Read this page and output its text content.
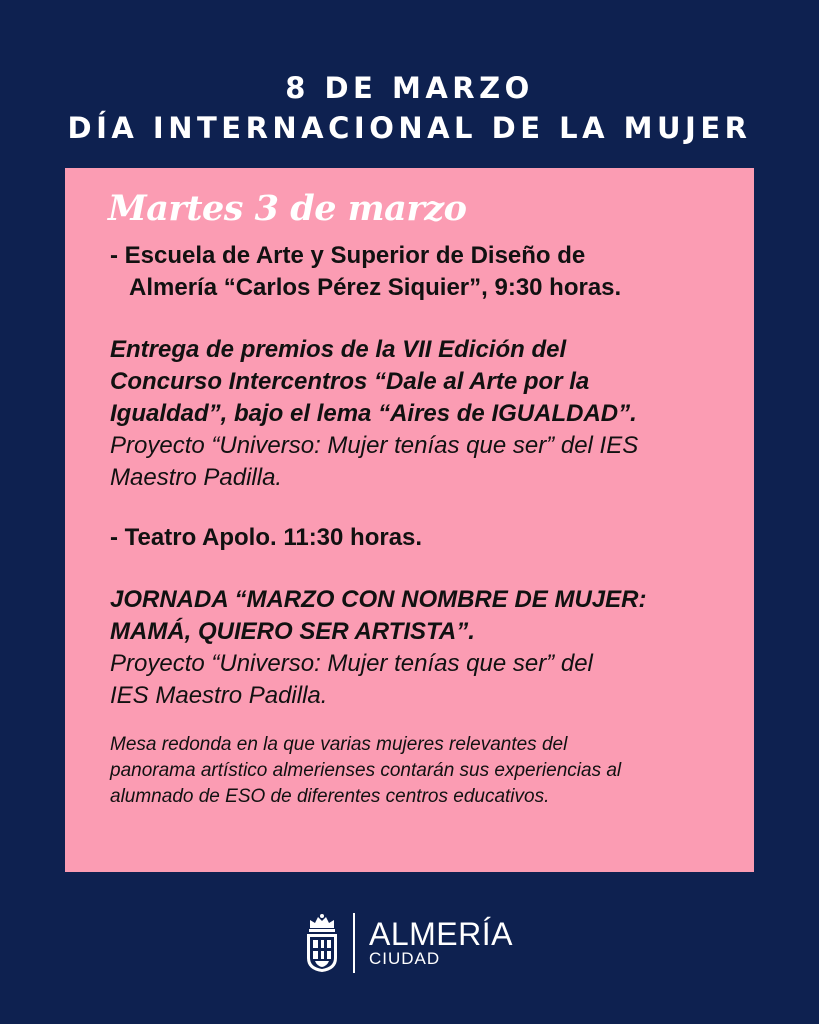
8 DE MARZO
DÍA INTERNACIONAL DE LA MUJER
Martes 3 de marzo
- Escuela de Arte y Superior de Diseño de
Almería “Carlos Pérez Siquier”, 9:30 horas.
Entrega de premios de la VII Edición del
Concurso Intercentros “Dale al Arte por la
Igualdad”, bajo el lema “Aires de IGUALDAD”.
Proyecto “Universo: Mujer tenías que ser” del IES
Maestro Padilla.
- Teatro Apolo. 11:30 horas.
JORNADA “MARZO CON NOMBRE DE MUJER:
MAMÁ, QUIERO SER ARTISTA”.
Proyecto “Universo: Mujer tenías que ser” del
IES Maestro Padilla.
Mesa redonda en la que varias mujeres relevantes del
panorama artístico almerienses contarán sus experiencias al
alumnado de ESO de diferentes centros educativos.
ALMERÍA
CIUDAD
